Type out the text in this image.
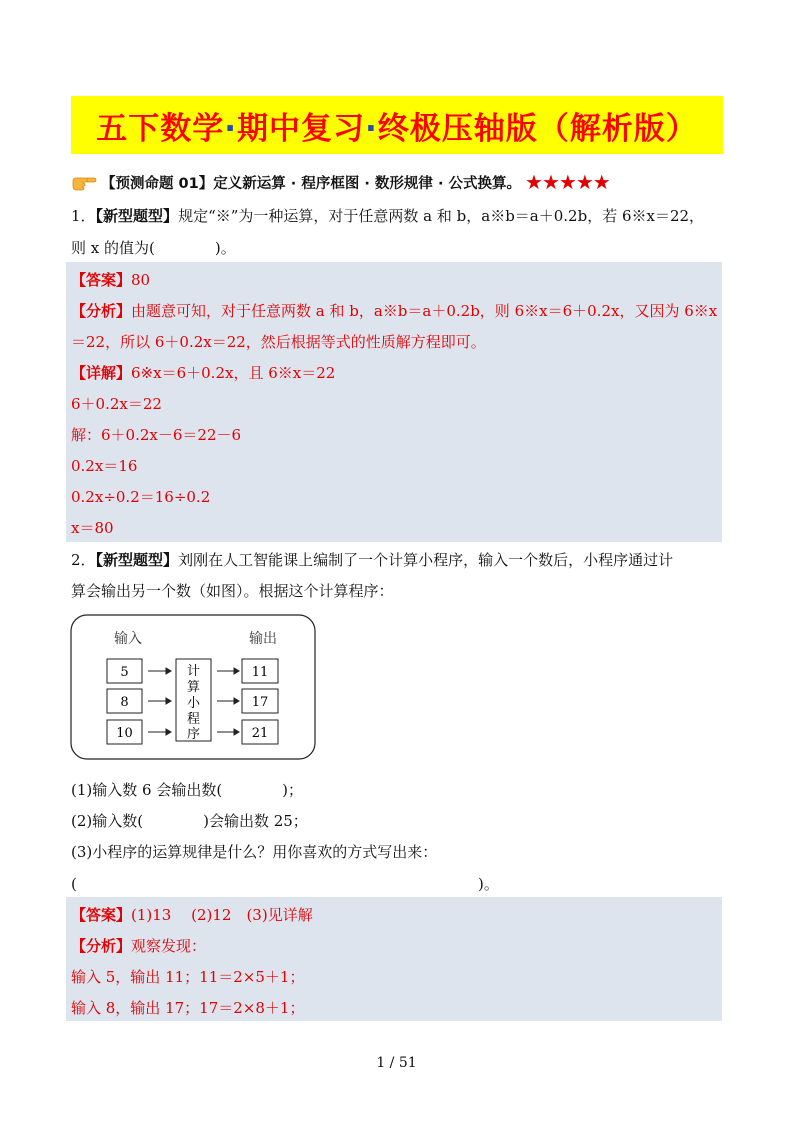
五下数学·期中复习·终极压轴版（解析版）
【预测命题 01】定义新运算 · 程序框图 · 数形规律 · 公式换算。 ★★★★★
1．【新型题型】规定“※”为一种运算，对于任意两数 a 和 b，a※b＝a＋0.2b，若 6※x＝22，
则 x 的值为(　　　　)。
【答案】80
【分析】由题意可知，对于任意两数 a 和 b，a※b＝a＋0.2b，则 6※x＝6＋0.2x，又因为 6※x
＝22，所以 6＋0.2x＝22，然后根据等式的性质解方程即可。
【详解】6※x＝6＋0.2x，且 6※x＝22
6＋0.2x＝22
解：6＋0.2x－6＝22－6
0.2x＝16
0.2x÷0.2＝16÷0.2
x＝80
2．【新型题型】刘刚在人工智能课上编制了一个计算小程序，输入一个数后，小程序通过计
算会输出另一个数（如图）。根据这个计算程序：
输入	输出
5
8
10
计
算
小
程
序
11
17
21
(1)输入数 6 会输出数(　　　　)；
(2)输入数(　　　　)会输出数 25；
(3)小程序的运算规律是什么？用你喜欢的方式写出来：
(	)。
【答案】(1)13　 (2)12　(3)见详解
【分析】观察发现：
输入 5，输出 11；11＝2×5＋1；
输入 8，输出 17；17＝2×8＋1；
1 / 51
